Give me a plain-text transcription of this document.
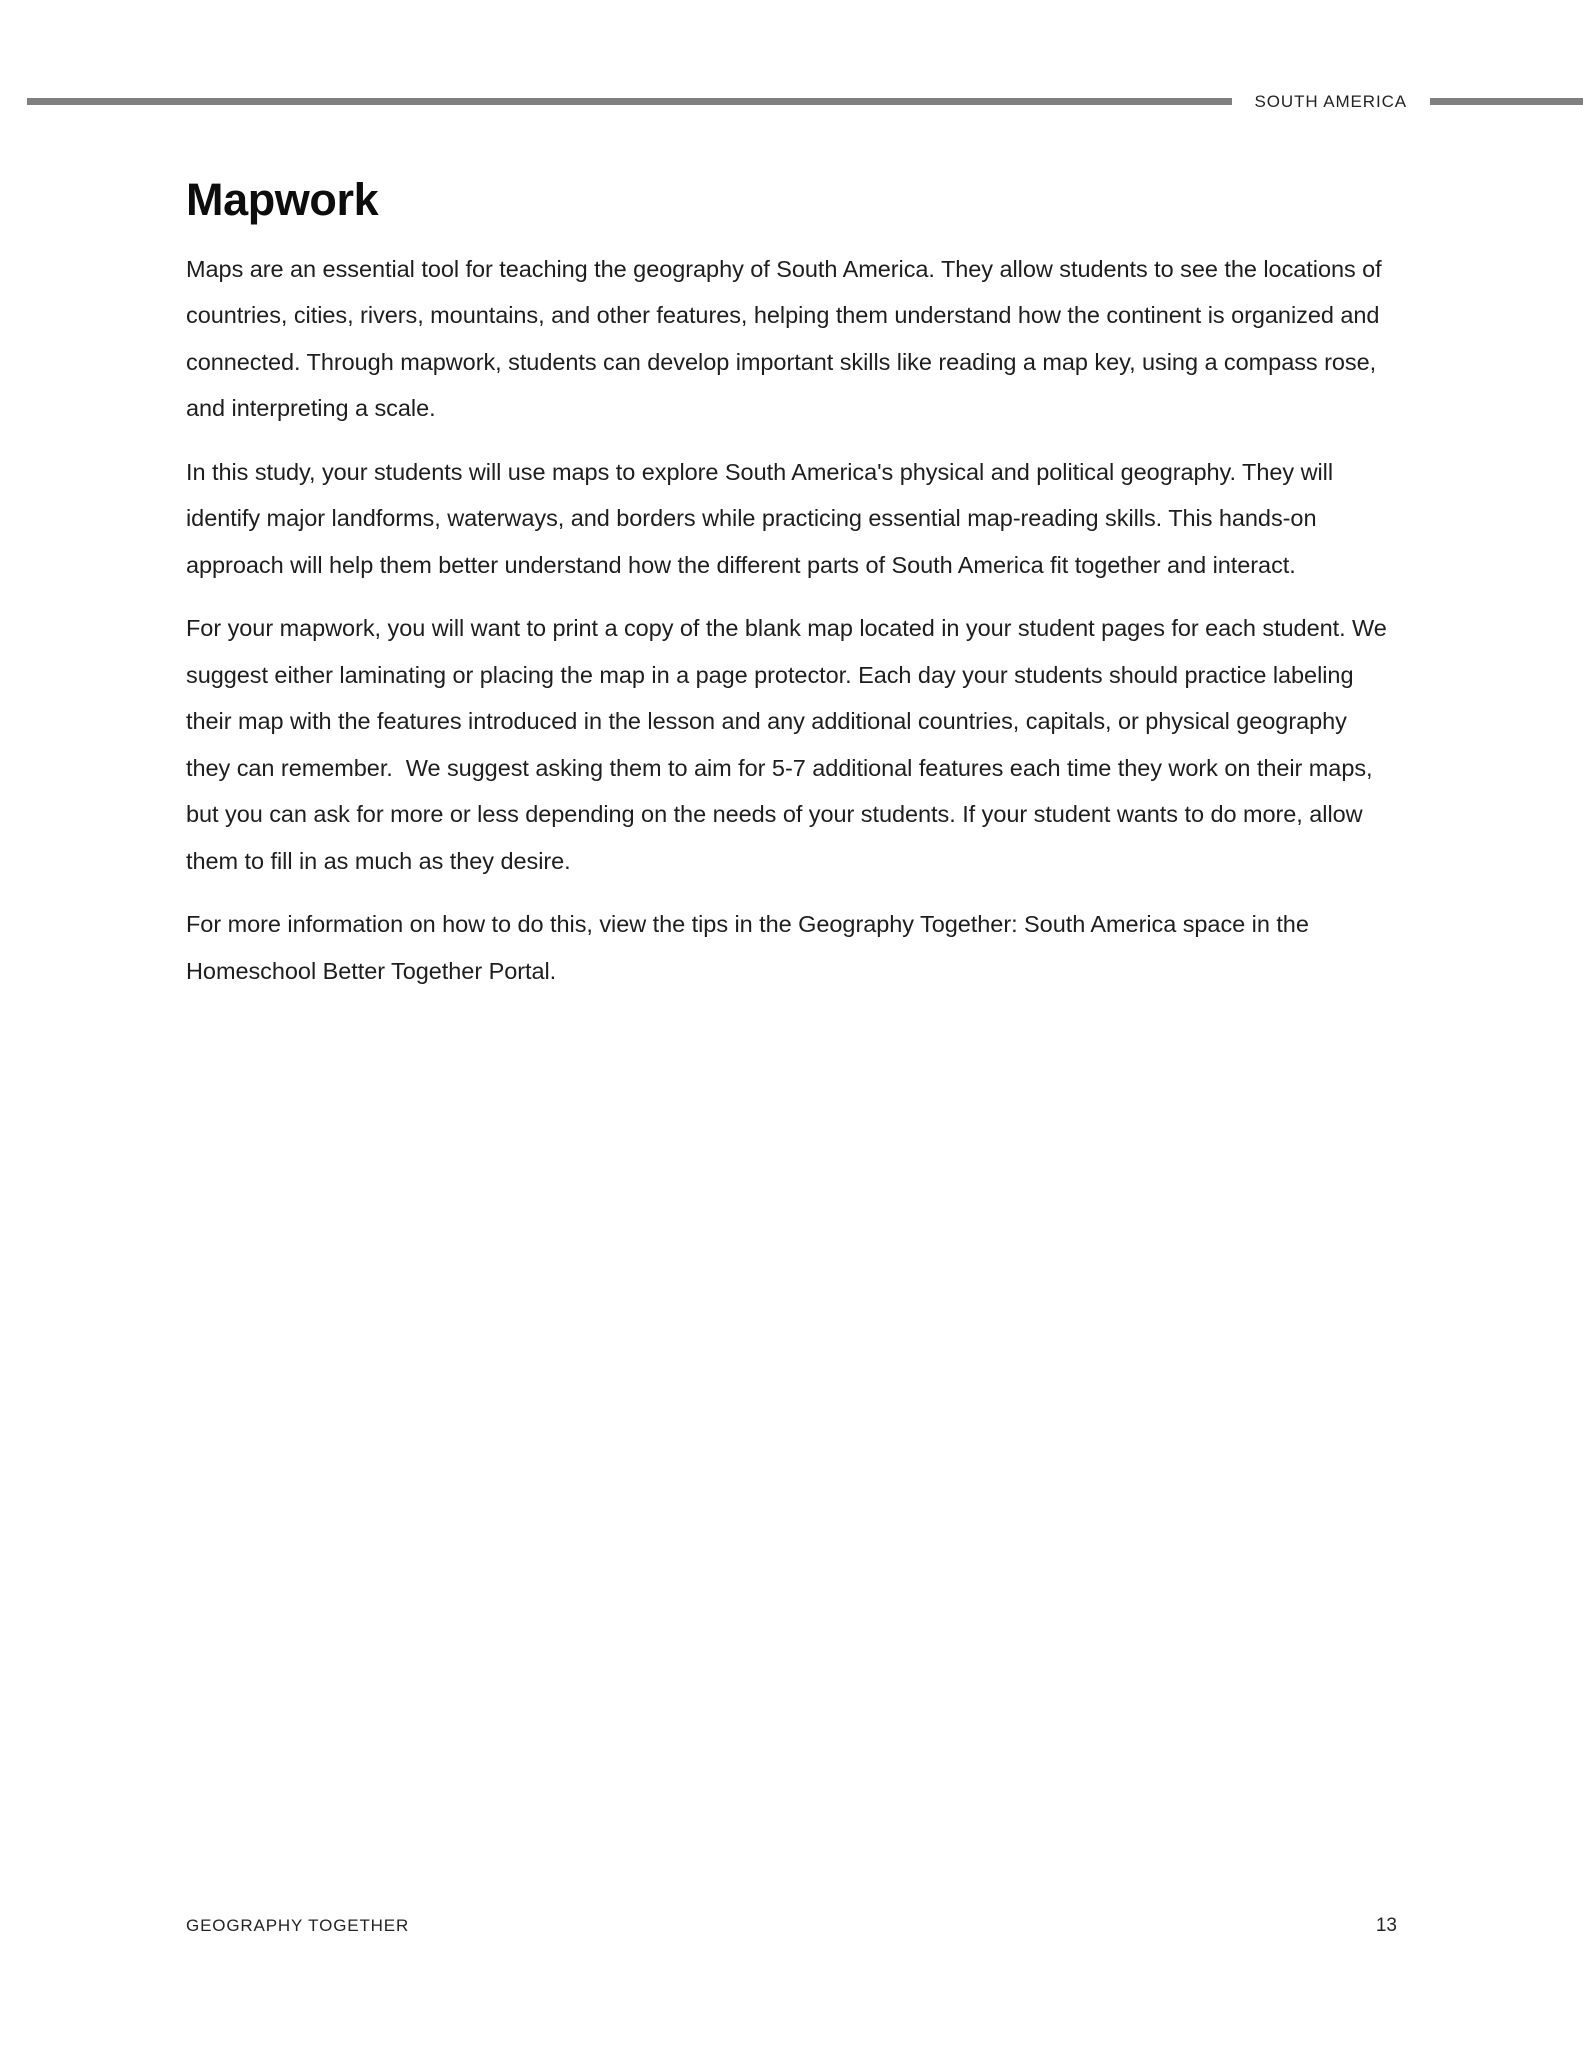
SOUTH AMERICA
Mapwork

Maps are an essential tool for teaching the geography of South America. They allow students to see the locations of countries, cities, rivers, mountains, and other features, helping them understand how the continent is organized and connected. Through mapwork, students can develop important skills like reading a map key, using a compass rose, and interpreting a scale.

In this study, your students will use maps to explore South America's physical and political geography. They will identify major landforms, waterways, and borders while practicing essential map-reading skills. This hands-on approach will help them better understand how the different parts of South America fit together and interact.

For your mapwork, you will want to print a copy of the blank map located in your student pages for each student. We suggest either laminating or placing the map in a page protector. Each day your students should practice labeling their map with the features introduced in the lesson and any additional countries, capitals, or physical geography they can remember.  We suggest asking them to aim for 5-7 additional features each time they work on their maps, but you can ask for more or less depending on the needs of your students. If your student wants to do more, allow them to fill in as much as they desire.

For more information on how to do this, view the tips in the Geography Together: South America space in the Homeschool Better Together Portal.

GEOGRAPHY TOGETHER	13
